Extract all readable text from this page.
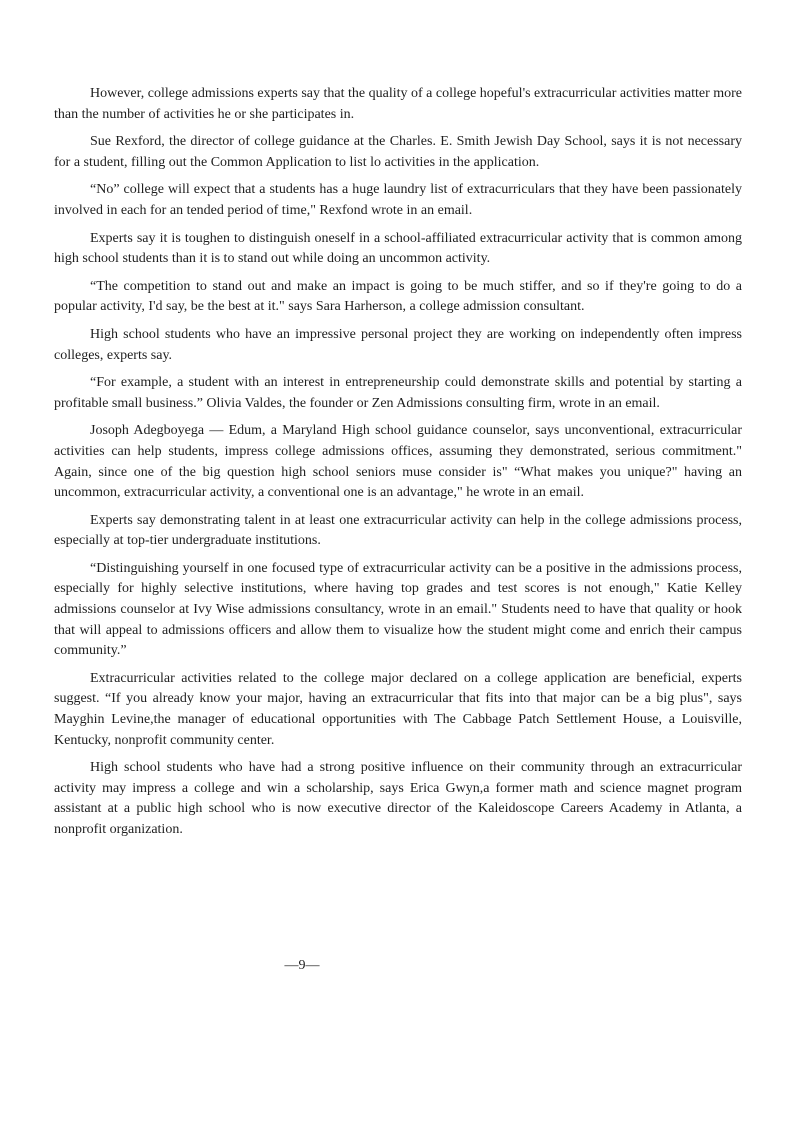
However, college admissions experts say that the quality of a college hopeful's extracurricular activities matter more than the number of activities he or she participates in.

Sue Rexford, the director of college guidance at the Charles. E. Smith Jewish Day School, says it is not necessary for a student, filling out the Common Application to list lo activities in the application.

“No” college will expect that a students has a huge laundry list of extracurriculars that they have been passionately involved in each for an tended period of time," Rexfond wrote in an email.

Experts say it is toughen to distinguish oneself in a school-affiliated extracurricular activity that is common among high school students than it is to stand out while doing an uncommon activity.

“The competition to stand out and make an impact is going to be much stiffer, and so if they're going to do a popular activity, I'd say, be the best at it." says Sara Harherson, a college admission consultant.

High school students who have an impressive personal project they are working on independently often impress colleges, experts say.

“For example, a student with an interest in entrepreneurship could demonstrate skills and potential by starting a profitable small business.” Olivia Valdes, the founder or Zen Admissions consulting firm, wrote in an email.

Josoph Adegboyega — Edum, a Maryland High school guidance counselor, says unconventional, extracurricular activities can help students, impress college admissions offices, assuming they demonstrated, serious commitment." Again, since one of the big question high school seniors muse consider is" “What makes you unique?" having an uncommon, extracurricular activity, a conventional one is an advantage," he wrote in an email.

Experts say demonstrating talent in at least one extracurricular activity can help in the college admissions process, especially at top-tier undergraduate institutions.

“Distinguishing yourself in one focused type of extracurricular activity can be a positive in the admissions process, especially for highly selective institutions, where having top grades and test scores is not enough," Katie Kelley admissions counselor at Ivy Wise admissions consultancy, wrote in an email." Students need to have that quality or hook that will appeal to admissions officers and allow them to visualize how the student might come and enrich their campus community.”

Extracurricular activities related to the college major declared on a college application are beneficial, experts suggest. “If you already know your major, having an extracurricular that fits into that major can be a big plus", says Mayghin Levine,the manager of educational opportunities with The Cabbage Patch Settlement House, a Louisville, Kentucky, nonprofit community center.

High school students who have had a strong positive influence on their community through an extracurricular activity may impress a college and win a scholarship, says Erica Gwyn,a former math and science magnet program assistant at a public high school who is now executive director of the Kaleidoscope Careers Academy in Atlanta, a nonprofit organization.

—9—
